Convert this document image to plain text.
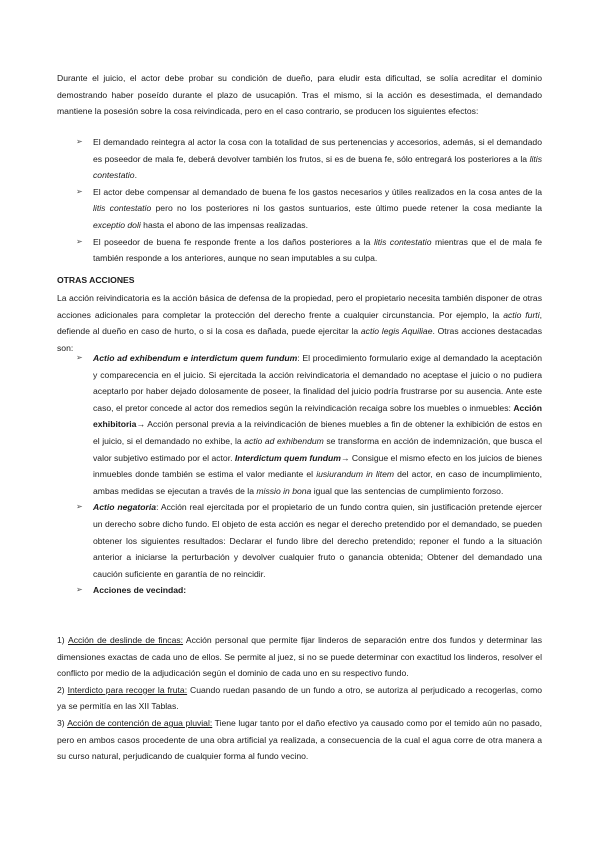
Durante el juicio, el actor debe probar su condición de dueño, para eludir esta dificultad, se solía acreditar el dominio demostrando haber poseído durante el plazo de usucapión. Tras el mismo, si la acción es desestimada, el demandado mantiene la posesión sobre la cosa reivindicada, pero en el caso contrario, se producen los siguientes efectos:

➢ El demandado reintegra al actor la cosa con la totalidad de sus pertenencias y accesorios, además, si el demandado es poseedor de mala fe, deberá devolver también los frutos, si es de buena fe, sólo entregará los posteriores a la litis contestatio.
➢ El actor debe compensar al demandado de buena fe los gastos necesarios y útiles realizados en la cosa antes de la litis contestatio pero no los posteriores ni los gastos suntuarios, este último puede retener la cosa mediante la exceptio doli hasta el abono de las impensas realizadas.
➢ El poseedor de buena fe responde frente a los daños posteriores a la litis contestatio mientras que el de mala fe también responde a los anteriores, aunque no sean imputables a su culpa.
OTRAS ACCIONES
La acción reivindicatoria es la acción básica de defensa de la propiedad, pero el propietario necesita también disponer de otras acciones adicionales para completar la protección del derecho frente a cualquier circunstancia. Por ejemplo, la actio furti, defiende al dueño en caso de hurto, o si la cosa es dañada, puede ejercitar la actio legis Aquiliae. Otras acciones destacadas son:
➢ Actio ad exhibendum e interdictum quem fundum: El procedimiento formulario exige al demandado la aceptación y comparecencia en el juicio. Si ejercitada la acción reivindicatoria el demandado no aceptase el juicio o no pudiera aceptarlo por haber dejado dolosamente de poseer, la finalidad del juicio podría frustrarse por su ausencia. Ante este caso, el pretor concede al actor dos remedios según la reivindicación recaiga sobre los muebles o inmuebles: Acción exhibitoria→ Acción personal previa a la reivindicación de bienes muebles a fin de obtener la exhibición de estos en el juicio, si el demandado no exhibe, la actio ad exhibendum se transforma en acción de indemnización, que busca el valor subjetivo estimado por el actor. Interdictum quem fundum→ Consigue el mismo efecto en los juicios de bienes inmuebles donde también se estima el valor mediante el iusiurandum in litem del actor, en caso de incumplimiento, ambas medidas se ejecutan a través de la missio in bona igual que las sentencias de cumplimiento forzoso.
➢ Actio negatoria: Acción real ejercitada por el propietario de un fundo contra quien, sin justificación pretende ejercer un derecho sobre dicho fundo. El objeto de esta acción es negar el derecho pretendido por el demandado, se pueden obtener los siguientes resultados: Declarar el fundo libre del derecho pretendido; reponer el fundo a la situación anterior a iniciarse la perturbación y devolver cualquier fruto o ganancia obtenida; Obtener del demandado una caución suficiente en garantía de no reincidir.
➢ Acciones de vecindad:
1) Acción de deslinde de fincas: Acción personal que permite fijar linderos de separación entre dos fundos y determinar las dimensiones exactas de cada uno de ellos. Se permite al juez, si no se puede determinar con exactitud los linderos, resolver el conflicto por medio de la adjudicación según el dominio de cada uno en su respectivo fundo.
2) Interdicto para recoger la fruta: Cuando ruedan pasando de un fundo a otro, se autoriza al perjudicado a recogerlas, como ya se permitía en las XII Tablas.
3) Acción de contención de agua pluvial: Tiene lugar tanto por el daño efectivo ya causado como por el temido aún no pasado, pero en ambos casos procedente de una obra artificial ya realizada, a consecuencia de la cual el agua corre de otra manera a su curso natural, perjudicando de cualquier forma al fundo vecino.
